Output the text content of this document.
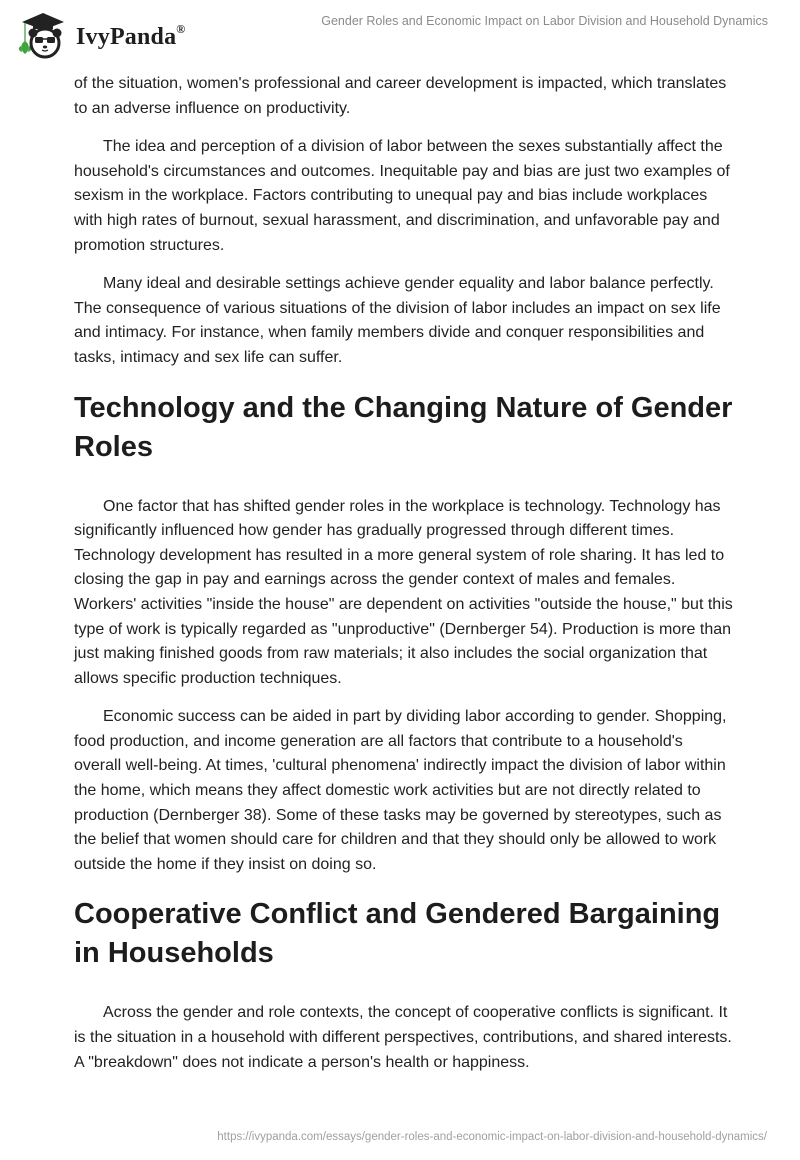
IvyPanda®
Gender Roles and Economic Impact on Labor Division and Household Dynamics

of the situation, women's professional and career development is impacted, which translates to an adverse influence on productivity.

The idea and perception of a division of labor between the sexes substantially affect the household's circumstances and outcomes. Inequitable pay and bias are just two examples of sexism in the workplace. Factors contributing to unequal pay and bias include workplaces with high rates of burnout, sexual harassment, and discrimination, and unfavorable pay and promotion structures.

Many ideal and desirable settings achieve gender equality and labor balance perfectly. The consequence of various situations of the division of labor includes an impact on sex life and intimacy. For instance, when family members divide and conquer responsibilities and tasks, intimacy and sex life can suffer.

Technology and the Changing Nature of Gender Roles

One factor that has shifted gender roles in the workplace is technology. Technology has significantly influenced how gender has gradually progressed through different times. Technology development has resulted in a more general system of role sharing. It has led to closing the gap in pay and earnings across the gender context of males and females. Workers' activities "inside the house" are dependent on activities "outside the house," but this type of work is typically regarded as "unproductive" (Dernberger 54). Production is more than just making finished goods from raw materials; it also includes the social organization that allows specific production techniques.

Economic success can be aided in part by dividing labor according to gender. Shopping, food production, and income generation are all factors that contribute to a household's overall well-being. At times, 'cultural phenomena' indirectly impact the division of labor within the home, which means they affect domestic work activities but are not directly related to production (Dernberger 38). Some of these tasks may be governed by stereotypes, such as the belief that women should care for children and that they should only be allowed to work outside the home if they insist on doing so.

Cooperative Conflict and Gendered Bargaining in Households

Across the gender and role contexts, the concept of cooperative conflicts is significant. It is the situation in a household with different perspectives, contributions, and shared interests. A "breakdown" does not indicate a person's health or happiness.

https://ivypanda.com/essays/gender-roles-and-economic-impact-on-labor-division-and-household-dynamics/
